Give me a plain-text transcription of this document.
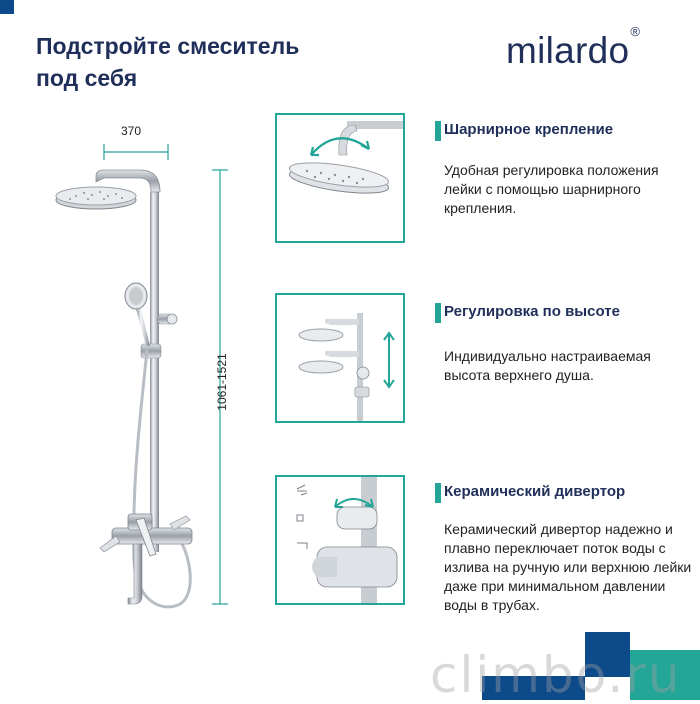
Подстройте смеситель
под себя
milardo®
370
1061-1521
Шарнирное крепление
Удобная регулировка положения лейки с помощью шарнирного крепления.
Регулировка по высоте
Индивидуально настраиваемая высота верхнего душа.
Керамический дивертор
Керамический дивертор надежно и плавно переключает поток воды с излива на ручную или верхнюю лейки даже при минимальном давлении воды в трубах.
climbo.ru
